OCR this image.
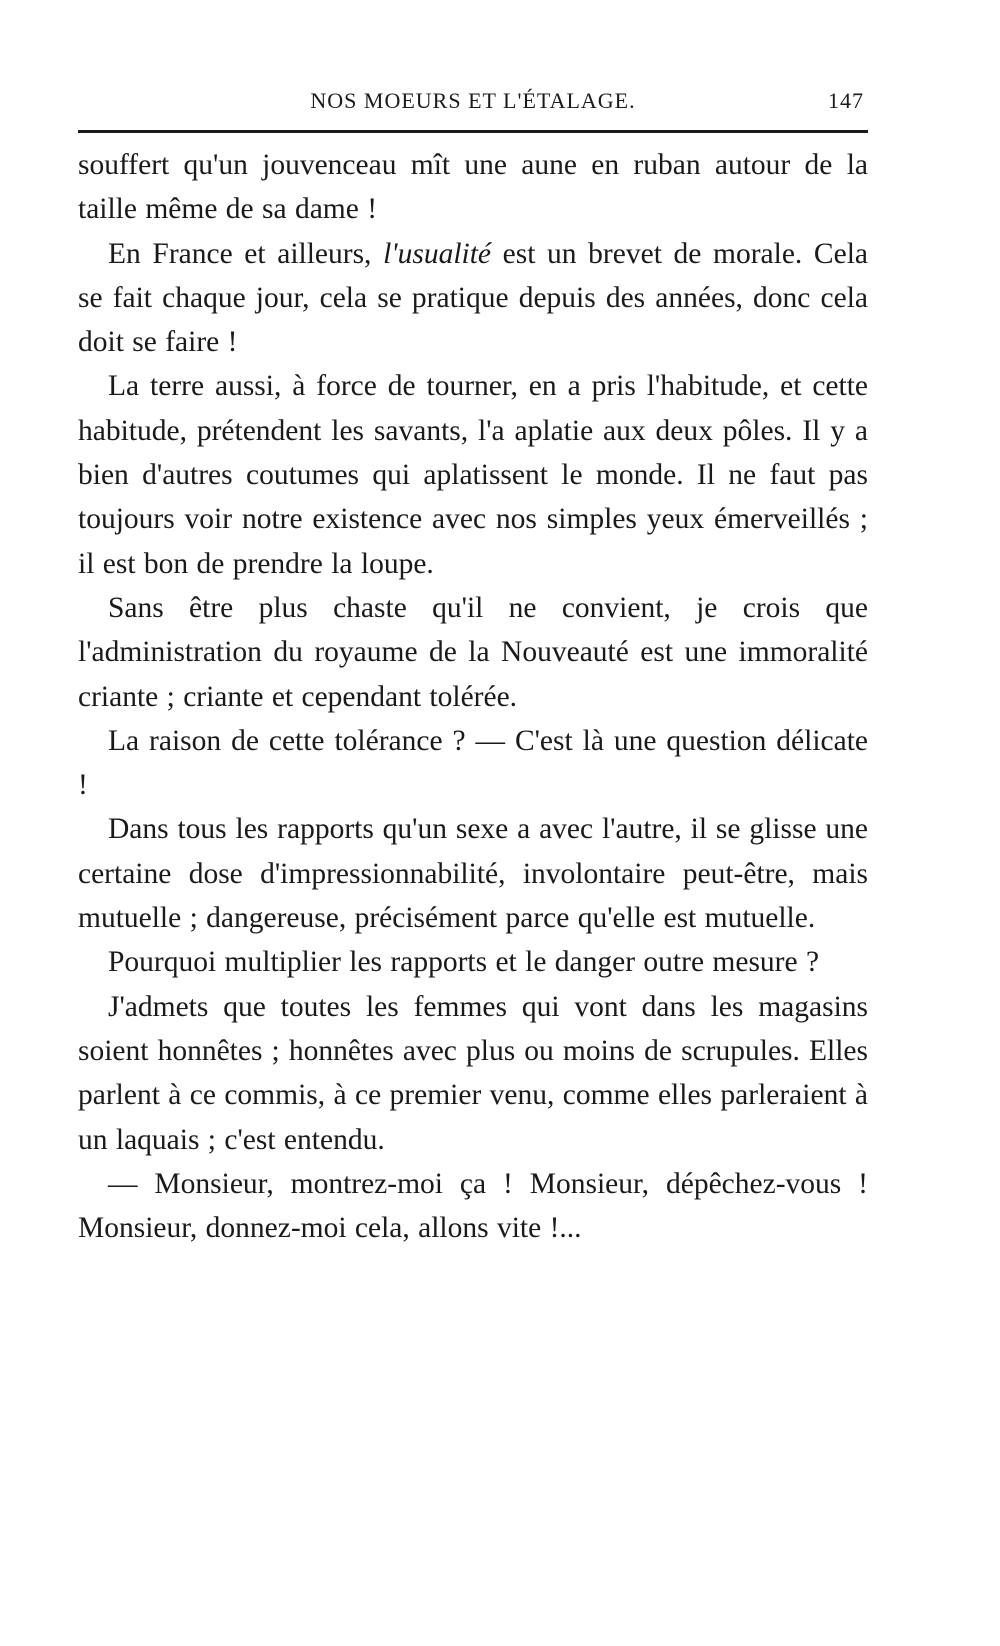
NOS MOEURS ET L'ÉTALAGE.	147

souffert qu'un jouvenceau mît une aune en ruban autour de la taille même de sa dame !

En France et ailleurs, l'usualité est un brevet de morale. Cela se fait chaque jour, cela se pratique depuis des années, donc cela doit se faire !

La terre aussi, à force de tourner, en a pris l'habitude, et cette habitude, prétendent les savants, l'a aplatie aux deux pôles. Il y a bien d'autres coutumes qui aplatissent le monde. Il ne faut pas toujours voir notre existence avec nos simples yeux émerveillés ; il est bon de prendre la loupe.

Sans être plus chaste qu'il ne convient, je crois que l'administration du royaume de la Nouveauté est une immoralité criante ; criante et cependant tolérée.

La raison de cette tolérance ? — C'est là une question délicate !

Dans tous les rapports qu'un sexe a avec l'autre, il se glisse une certaine dose d'impressionnabilité, involontaire peut-être, mais mutuelle ; dangereuse, précisément parce qu'elle est mutuelle.

Pourquoi multiplier les rapports et le danger outre mesure ?

J'admets que toutes les femmes qui vont dans les magasins soient honnêtes ; honnêtes avec plus ou moins de scrupules. Elles parlent à ce commis, à ce premier venu, comme elles parleraient à un laquais ; c'est entendu.

— Monsieur, montrez-moi ça ! Monsieur, dépêchez-vous ! Monsieur, donnez-moi cela, allons vite !...
